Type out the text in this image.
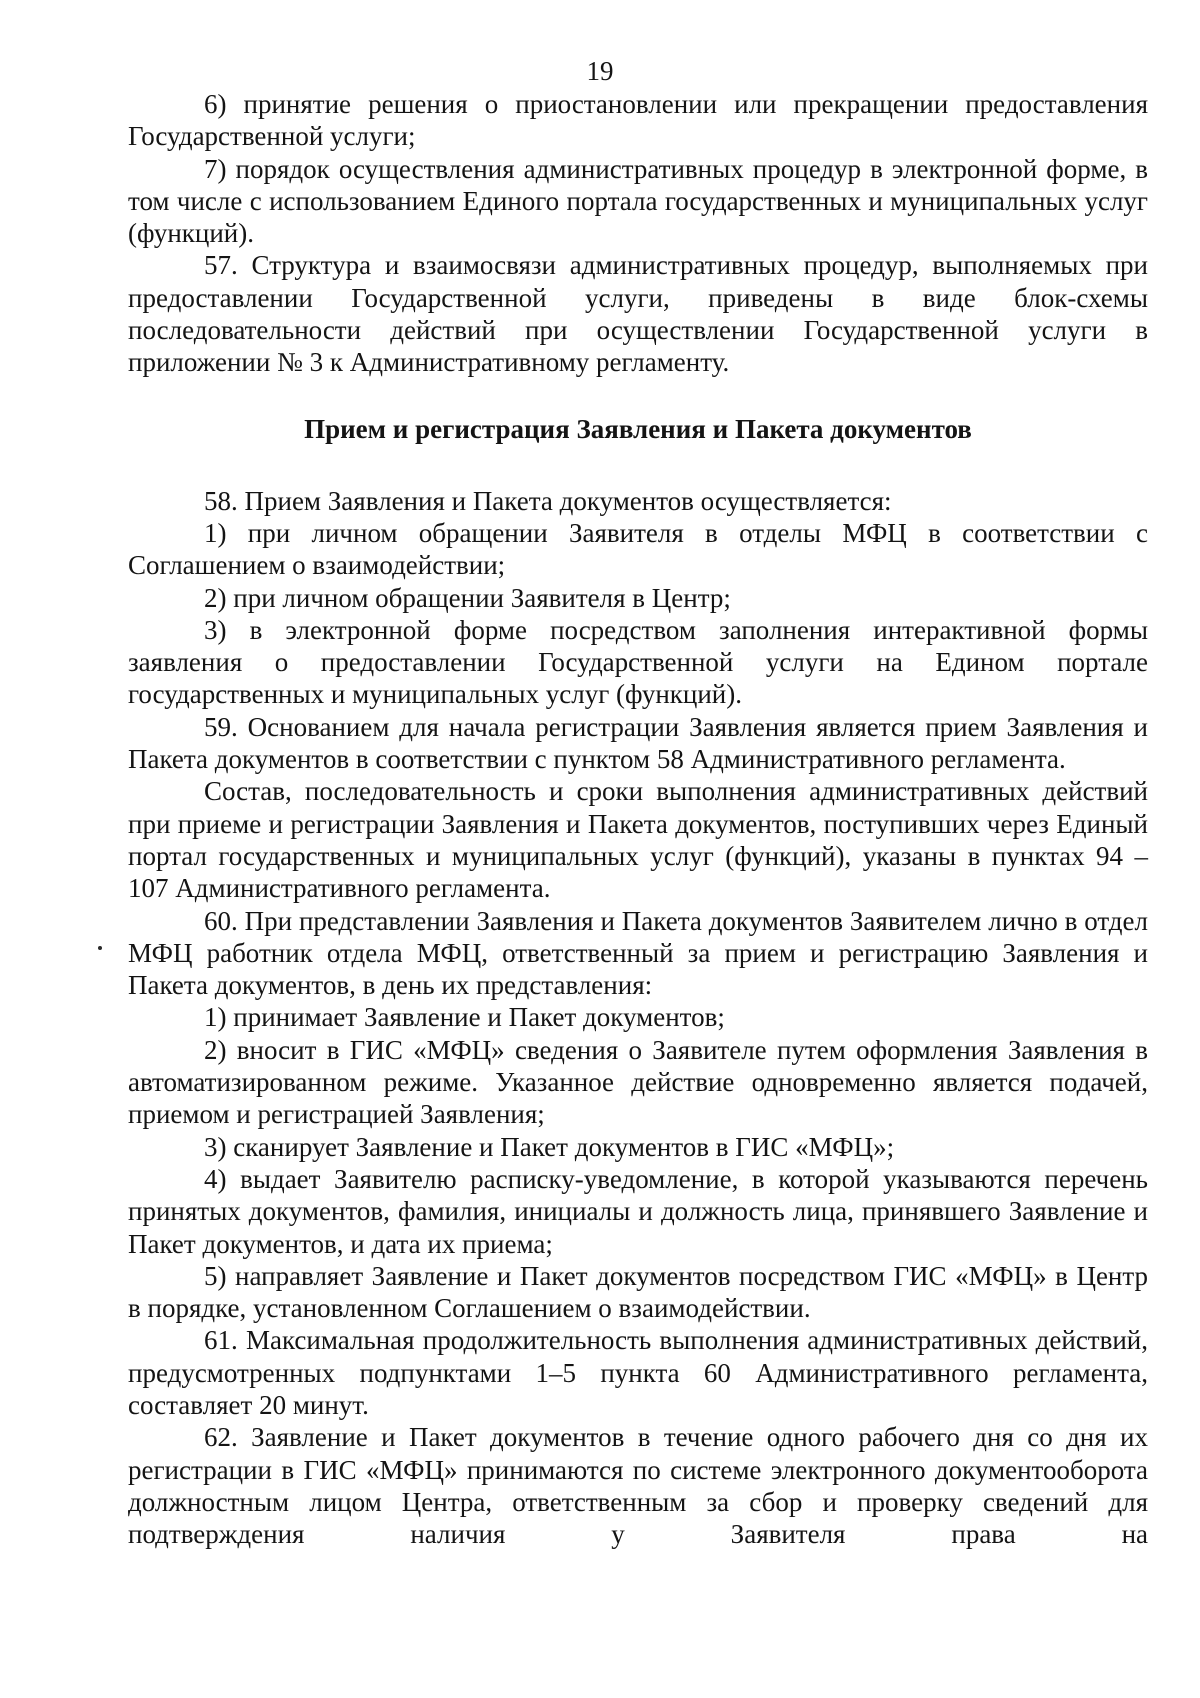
19

6) принятие решения о приостановлении или прекращении предоставления Государственной услуги;

7) порядок осуществления административных процедур в электронной форме, в том числе с использованием Единого портала государственных и муниципальных услуг (функций).

57. Структура и взаимосвязи административных процедур, выполняемых при предоставлении Государственной услуги, приведены в виде блок-схемы последовательности действий при осуществлении Государственной услуги в приложении № 3 к Административному регламенту.

Прием и регистрация Заявления и Пакета документов

58. Прием Заявления и Пакета документов осуществляется:

1) при личном обращении Заявителя в отделы МФЦ в соответствии с Соглашением о взаимодействии;

2) при личном обращении Заявителя в Центр;

3) в электронной форме посредством заполнения интерактивной формы заявления о предоставлении Государственной услуги на Едином портале государственных и муниципальных услуг (функций).

59. Основанием для начала регистрации Заявления является прием Заявления и Пакета документов в соответствии с пунктом 58 Административного регламента.

Состав, последовательность и сроки выполнения административных действий при приеме и регистрации Заявления и Пакета документов, поступивших через Единый портал государственных и муниципальных услуг (функций), указаны в пунктах 94 – 107 Административного регламента.

60. При представлении Заявления и Пакета документов Заявителем лично в отдел МФЦ работник отдела МФЦ, ответственный за прием и регистрацию Заявления и Пакета документов, в день их представления:

1) принимает Заявление и Пакет документов;

2) вносит в ГИС «МФЦ» сведения о Заявителе путем оформления Заявления в автоматизированном режиме. Указанное действие одновременно является подачей, приемом и регистрацией Заявления;

3) сканирует Заявление и Пакет документов в ГИС «МФЦ»;

4) выдает Заявителю расписку-уведомление, в которой указываются перечень принятых документов, фамилия, инициалы и должность лица, принявшего Заявление и Пакет документов, и дата их приема;

5) направляет Заявление и Пакет документов посредством ГИС «МФЦ» в Центр в порядке, установленном Соглашением о взаимодействии.

61. Максимальная продолжительность выполнения административных действий, предусмотренных подпунктами 1–5 пункта 60 Административного регламента, составляет 20 минут.

62. Заявление и Пакет документов в течение одного рабочего дня со дня их регистрации в ГИС «МФЦ» принимаются по системе электронного документооборота должностным лицом Центра, ответственным за сбор и проверку сведений для подтверждения наличия у Заявителя права на
